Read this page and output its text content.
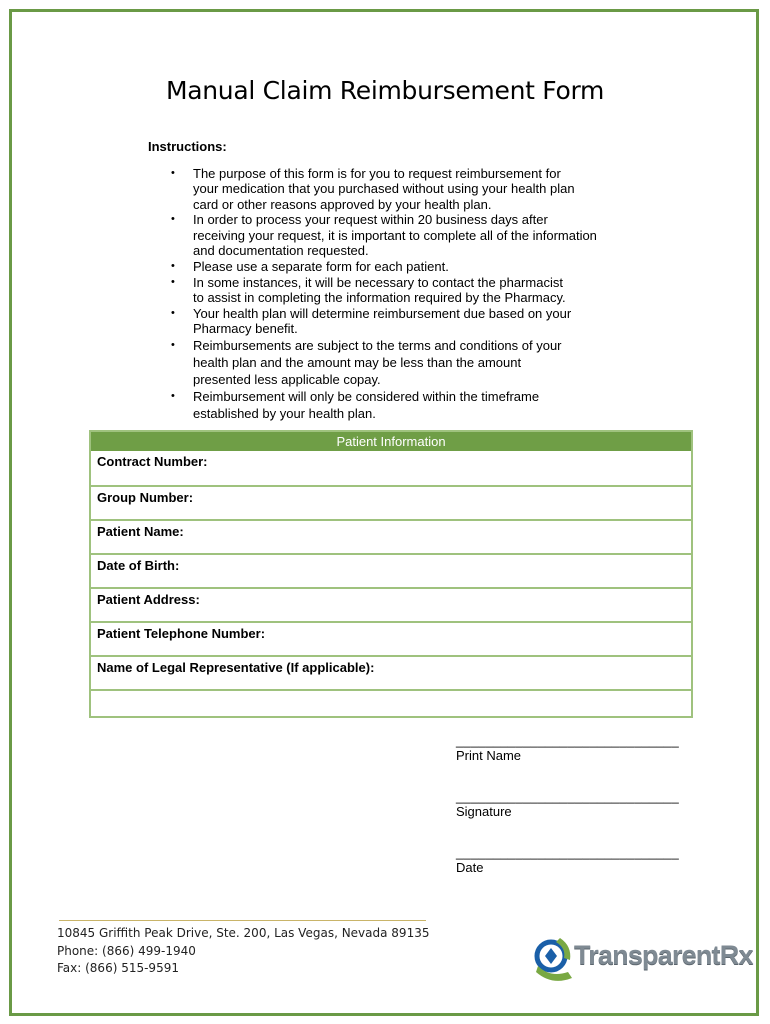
Manual Claim Reimbursement Form
Instructions:
• The purpose of this form is for you to request reimbursement for
your medication that you purchased without using your health plan
card or other reasons approved by your health plan.
• In order to process your request within 20 business days after
receiving your request, it is important to complete all of the information
and documentation requested.
• Please use a separate form for each patient.
• In some instances, it will be necessary to contact the pharmacist
to assist in completing the information required by the Pharmacy.
• Your health plan will determine reimbursement due based on your
Pharmacy benefit.
• Reimbursements are subject to the terms and conditions of your
health plan and the amount may be less than the amount
presented less applicable copay.
• Reimbursement will only be considered within the timeframe
established by your health plan.
Patient Information
Contract Number:
Group Number:
Patient Name:
Date of Birth:
Patient Address:
Patient Telephone Number:
Name of Legal Representative (If applicable):
______________________________
Print Name
______________________________
Signature
______________________________
Date
10845 Griffith Peak Drive, Ste. 200, Las Vegas, Nevada 89135
Phone: (866) 499-1940
Fax: (866) 515-9591	TransparentRx
